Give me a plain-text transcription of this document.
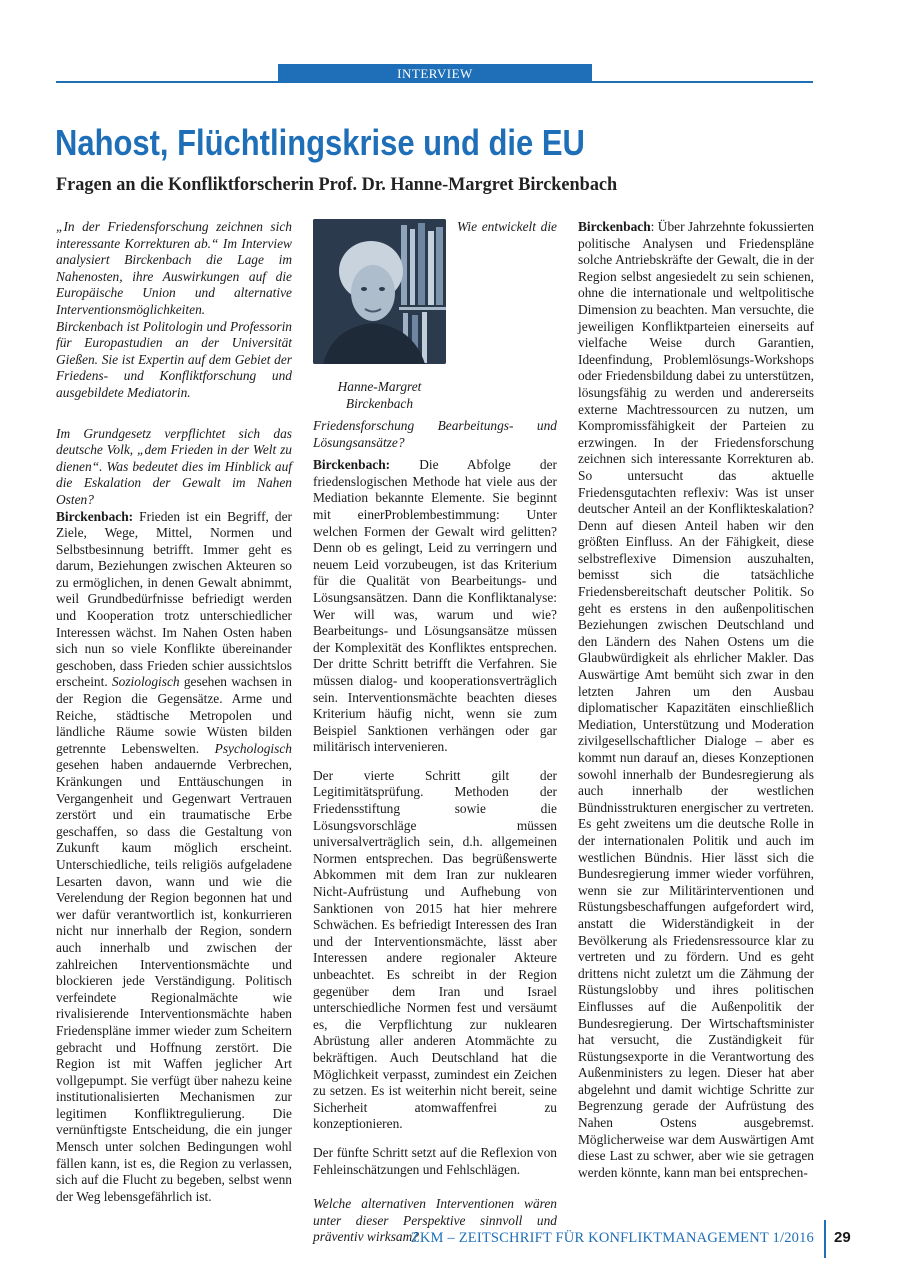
INTERVIEW
Nahost, Flüchtlingskrise und die EU
Fragen an die Konfliktforscherin Prof. Dr. Hanne-Margret Birckenbach

„In der Friedensforschung zeichnen sich interessante Korrekturen ab.“ Im Interview analysiert Birckenbach die Lage im Nahenosten, ihre Auswirkungen auf die Europäische Union und alternative Interventionsmöglichkeiten.

Birckenbach ist Politologin und Professorin für Europastudien an der Universität Gießen. Sie ist Expertin auf dem Gebiet der Friedens- und Konfliktforschung und ausgebildete Mediatorin.

Im Grundgesetz verpflichtet sich das deutsche Volk, „dem Frieden in der Welt zu dienen“. Was bedeutet dies im Hinblick auf die Eskalation der Gewalt im Nahen Osten?

Birckenbach: Frieden ist ein Begriff, der Ziele, Wege, Mittel, Normen und Selbstbesinnung betrifft. Immer geht es darum, Beziehungen zwischen Akteuren so zu ermöglichen, in denen Gewalt abnimmt, weil Grundbedürfnisse befriedigt werden und Kooperation trotz unterschiedlicher Interessen wächst. Im Nahen Osten haben sich nun so viele Konflikte übereinander geschoben, dass Frieden schier aussichtslos erscheint. Soziologisch gesehen wachsen in der Region die Gegensätze. Arme und Reiche, städtische Metropolen und ländliche Räume sowie Wüsten bilden getrennte Lebenswelten. Psychologisch gesehen haben andauernde Verbrechen, Kränkungen und Enttäuschungen in Vergangenheit und Gegenwart Vertrauen zerstört und ein traumatische Erbe geschaffen, so dass die Gestaltung von Zukunft kaum möglich erscheint. Unterschiedliche, teils religiös aufgeladene Lesarten davon, wann und wie die Verelendung der Region begonnen hat und wer dafür verantwortlich ist, konkurrieren nicht nur innerhalb der Region, sondern auch innerhalb und zwischen der zahlreichen Interventionsmächte und blockieren jede Verständigung. Politisch verfeindete Regionalmächte wie rivalisierende Interventionsmächte haben Friedenspläne immer wieder zum Scheitern gebracht und Hoffnung zerstört. Die Region ist mit Waffen jeglicher Art vollgepumpt. Sie verfügt über nahezu keine institutionalisierten Mechanismen zur legitimen Konfliktregulierung. Die vernünftigste Entscheidung, die ein junger Mensch unter solchen Bedingungen wohl fällen kann, ist es, die Region zu verlassen, sich auf die Flucht zu begeben, selbst wenn der Weg lebensgefährlich ist.

Hanne-Margret Birckenbach

Wie entwickelt die Friedensforschung Bearbeitungs- und Lösungsansätze?

Birckenbach: Die Abfolge der friedenslogischen Methode hat viele aus der Mediation bekannte Elemente. Sie beginnt mit einerProblembestimmung: Unter welchen Formen der Gewalt wird gelitten? Denn ob es gelingt, Leid zu verringern und neuem Leid vorzubeugen, ist das Kriterium für die Qualität von Bearbeitungs- und Lösungsansätzen. Dann die Konfliktanalyse: Wer will was, warum und wie? Bearbeitungs- und Lösungsansätze müssen der Komplexität des Konfliktes entsprechen. Der dritte Schritt betrifft die Verfahren. Sie müssen dialog- und kooperationsverträglich sein. Interventionsmächte beachten dieses Kriterium häufig nicht, wenn sie zum Beispiel Sanktionen verhängen oder gar militärisch intervenieren.

Der vierte Schritt gilt der Legitimitätsprüfung. Methoden der Friedensstiftung sowie die Lösungsvorschläge müssen universalverträglich sein, d.h. allgemeinen Normen entsprechen. Das begrüßenswerte Abkommen mit dem Iran zur nuklearen Nicht-Aufrüstung und Aufhebung von Sanktionen von 2015 hat hier mehrere Schwächen. Es befriedigt Interessen des Iran und der Interventionsmächte, lässt aber Interessen andere regionaler Akteure unbeachtet. Es schreibt in der Region gegenüber dem Iran und Israel unterschiedliche Normen fest und versäumt es, die Verpflichtung zur nuklearen Abrüstung aller anderen Atommächte zu bekräftigen. Auch Deutschland hat die Möglichkeit verpasst, zumindest ein Zeichen zu setzen. Es ist weiterhin nicht bereit, seine Sicherheit atomwaffenfrei zu konzeptionieren.

Der fünfte Schritt setzt auf die Reflexion von Fehleinschätzungen und Fehlschlägen.

Welche alternativen Interventionen wären unter dieser Perspektive sinnvoll und präventiv wirksam?

Birckenbach: Über Jahrzehnte fokussierten politische Analysen und Friedenspläne solche Antriebskräfte der Gewalt, die in der Region selbst angesiedelt zu sein schienen, ohne die internationale und weltpolitische Dimension zu beachten. Man versuchte, die jeweiligen Konfliktparteien einerseits auf vielfache Weise durch Garantien, Ideenfindung, Problemlösungs-Workshops oder Friedensbildung dabei zu unterstützen, lösungsfähig zu werden und andererseits externe Machtressourcen zu nutzen, um Kompromissfähigkeit der Parteien zu erzwingen. In der Friedensforschung zeichnen sich interessante Korrekturen ab. So untersucht das aktuelle Friedensgutachten reflexiv: Was ist unser deutscher Anteil an der Konflikteskalation? Denn auf diesen Anteil haben wir den größten Einfluss. An der Fähigkeit, diese selbstreflexive Dimension auszuhalten, bemisst sich die tatsächliche Friedensbereitschaft deutscher Politik. So geht es erstens in den außenpolitischen Beziehungen zwischen Deutschland und den Ländern des Nahen Ostens um die Glaubwürdigkeit als ehrlicher Makler. Das Auswärtige Amt bemüht sich zwar in den letzten Jahren um den Ausbau diplomatischer Kapazitäten einschließlich Mediation, Unterstützung und Moderation zivilgesellschaftlicher Dialoge – aber es kommt nun darauf an, dieses Konzeptionen sowohl innerhalb der Bundesregierung als auch innerhalb der westlichen Bündnisstrukturen energischer zu vertreten. Es geht zweitens um die deutsche Rolle in der internationalen Politik und auch im westlichen Bündnis. Hier lässt sich die Bundesregierung immer wieder vorführen, wenn sie zur Militärinterventionen und Rüstungsbeschaffungen aufgefordert wird, anstatt die Widerständigkeit in der Bevölkerung als Friedensressource klar zu vertreten und zu fördern. Und es geht drittens nicht zuletzt um die Zähmung der Rüstungslobby und ihres politischen Einflusses auf die Außenpolitik der Bundesregierung. Der Wirtschaftsminister hat versucht, die Zuständigkeit für Rüstungsexporte in die Verantwortung des Außenministers zu legen. Dieser hat aber abgelehnt und damit wichtige Schritte zur Begrenzung gerade der Aufrüstung des Nahen Ostens ausgebremst. Möglicherweise war dem Auswärtigen Amt diese Last zu schwer, aber wie sie getragen werden könnte, kann man bei entsprechen-

ZKM – ZEITSCHRIFT FÜR KONFLIKTMANAGEMENT 1/2016 29
